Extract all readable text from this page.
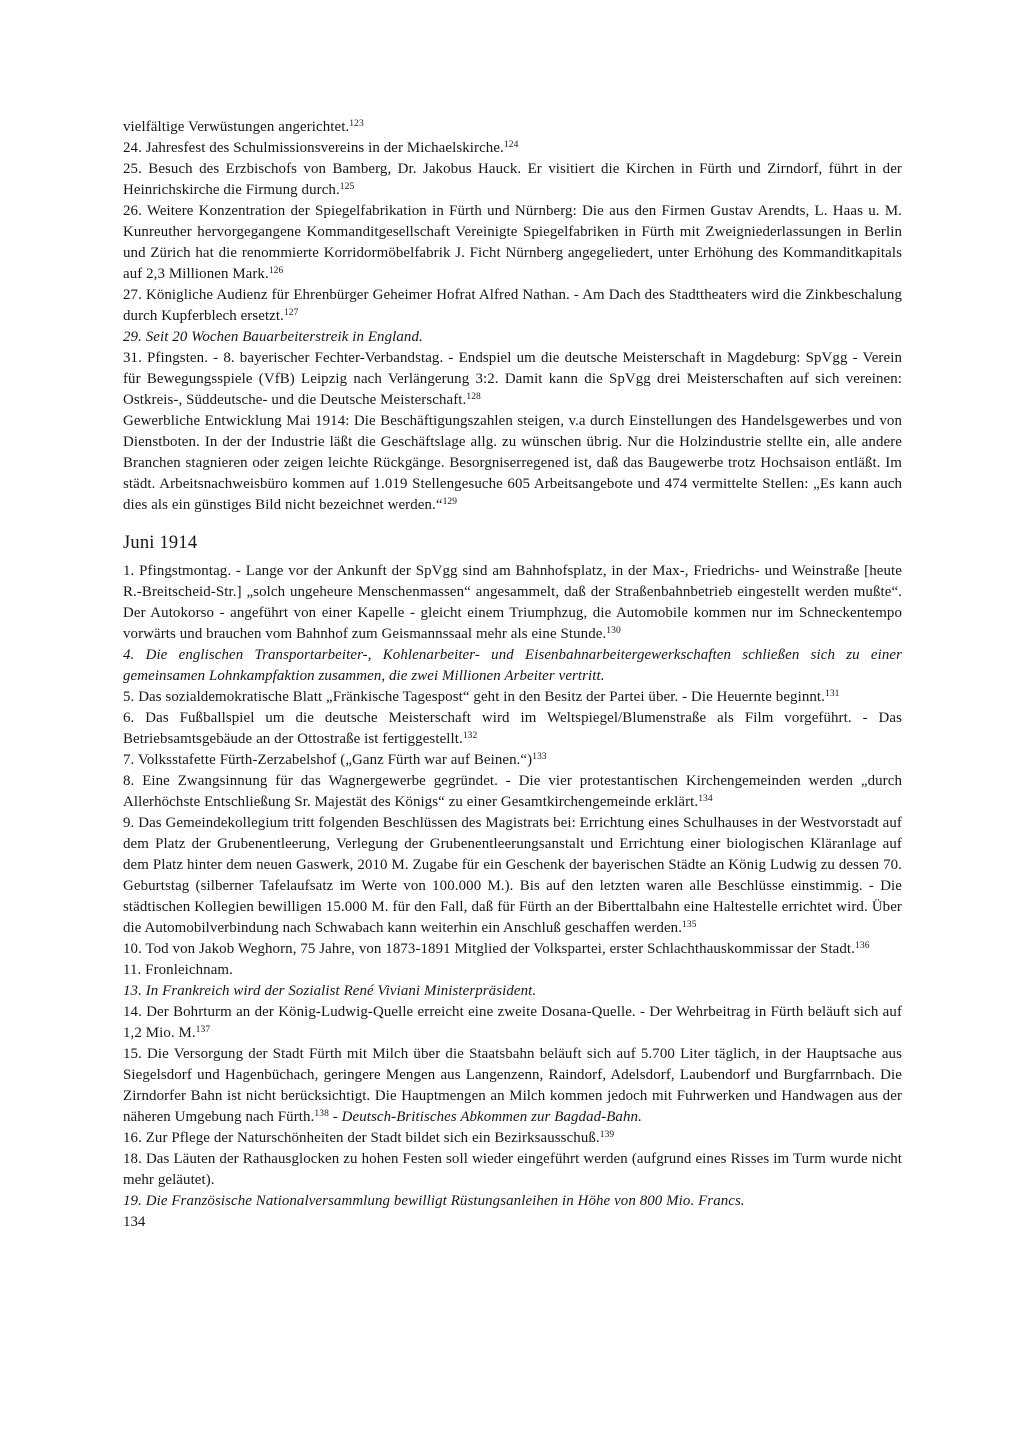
vielfältige Verwüstungen angerichtet.$^{123}$

24. Jahresfest des Schulmissionsvereins in der Michaelskirche.$^{124}$

25. Besuch des Erzbischofs von Bamberg, Dr. Jakobus Hauck. Er visitiert die Kirchen in Fürth und Zirndorf, führt in der Heinrichskirche die Firmung durch.$^{125}$

26. Weitere Konzentration der Spiegelfabrikation in Fürth und Nürnberg: Die aus den Firmen Gustav Arendts, L. Haas u. M. Kunreuther hervorgegangene Kommanditgesellschaft Vereinigte Spiegelfabriken in Fürth mit Zweigniederlassungen in Berlin und Zürich hat die renommierte Korridormöbelfabrik J. Ficht Nürnberg angegeliedert, unter Erhöhung des Kommanditkapitals auf 2,3 Millionen Mark.$^{126}$

27. Königliche Audienz für Ehrenbürger Geheimer Hofrat Alfred Nathan. - Am Dach des Stadttheaters wird die Zinkbeschalung durch Kupferblech ersetzt.$^{127}$

29. Seit 20 Wochen Bauarbeiterstreik in England.

31. Pfingsten. - 8. bayerischer Fechter-Verbandstag. - Endspiel um die deutsche Meisterschaft in Magdeburg: SpVgg - Verein für Bewegungsspiele (VfB) Leipzig nach Verlängerung 3:2. Damit kann die SpVgg drei Meisterschaften auf sich vereinen: Ostkreis-, Süddeutsche- und die Deutsche Meisterschaft.$^{128}$

Gewerbliche Entwicklung Mai 1914: Die Beschäftigungszahlen steigen, v.a durch Einstellungen des Handelsgewerbes und von Dienstboten. In der der Industrie läßt die Geschäftslage allg. zu wünschen übrig. Nur die Holzindustrie stellte ein, alle andere Branchen stagnieren oder zeigen leichte Rückgänge. Besorgniserregened ist, daß das Baugewerbe trotz Hochsaison entläßt. Im städt. Arbeitsnachweisbüro kommen auf 1.019 Stellengesuche 605 Arbeitsangebote und 474 vermittelte Stellen: „Es kann auch dies als ein günstiges Bild nicht bezeichnet werden.“$^{129}$

Juni 1914

1. Pfingstmontag. - Lange vor der Ankunft der SpVgg sind am Bahnhofsplatz, in der Max-, Friedrichs- und Weinstraße [heute R.-Breitscheid-Str.] „solch ungeheure Menschenmassen“ angesammelt, daß der Straßenbahnbetrieb eingestellt werden mußte“. Der Autokorso - angeführt von einer Kapelle - gleicht einem Triumphzug, die Automobile kommen nur im Schneckentempo vorwärts und brauchen vom Bahnhof zum Geismannssaal mehr als eine Stunde.$^{130}$

4. Die englischen Transportarbeiter-, Kohlenarbeiter- und Eisenbahnarbeitergewerkschaften schließen sich zu einer gemeinsamen Lohnkampfaktion zusammen, die zwei Millionen Arbeiter vertritt.

5. Das sozialdemokratische Blatt „Fränkische Tagespost“ geht in den Besitz der Partei über. - Die Heuernte beginnt.$^{131}$

6. Das Fußballspiel um die deutsche Meisterschaft wird im Weltspiegel/Blumenstraße als Film vorgeführt. - Das Betriebsamtsgebäude an der Ottostraße ist fertiggestellt.$^{132}$

7. Volksstafette Fürth-Zerzabelshof („Ganz Fürth war auf Beinen.“)$^{133}$

8. Eine Zwangsinnung für das Wagnergewerbe gegründet. - Die vier protestantischen Kirchengemeinden werden „durch Allerhöchste Entschließung Sr. Majestät des Königs“ zu einer Gesamtkirchengemeinde erklärt.$^{134}$

9. Das Gemeindekollegium tritt folgenden Beschlüssen des Magistrats bei: Errichtung eines Schulhauses in der Westvorstadt auf dem Platz der Grubenentleerung, Verlegung der Grubenentleerungsanstalt und Errichtung einer biologischen Kläranlage auf dem Platz hinter dem neuen Gaswerk, 2010 M. Zugabe für ein Geschenk der bayerischen Städte an König Ludwig zu dessen 70. Geburtstag (silberner Tafelaufsatz im Werte von 100.000 M.). Bis auf den letzten waren alle Beschlüsse einstimmig. - Die städtischen Kollegien bewilligen 15.000 M. für den Fall, daß für Fürth an der Biberttalbahn eine Haltestelle errichtet wird. Über die Automobilverbindung nach Schwabach kann weiterhin ein Anschluß geschaffen werden.$^{135}$

10. Tod von Jakob Weghorn, 75 Jahre, von 1873-1891 Mitglied der Volkspartei, erster Schlachthauskommissar der Stadt.$^{136}$

11. Fronleichnam.

13. In Frankreich wird der Sozialist René Viviani Ministerpräsident.

14. Der Bohrturm an der König-Ludwig-Quelle erreicht eine zweite Dosana-Quelle. - Der Wehrbeitrag in Fürth beläuft sich auf 1,2 Mio. M.$^{137}$

15. Die Versorgung der Stadt Fürth mit Milch über die Staatsbahn beläuft sich auf 5.700 Liter täglich, in der Hauptsache aus Siegelsdorf und Hagenbüchach, geringere Mengen aus Langenzenn, Raindorf, Adelsdorf, Laubendorf und Burgfarrnbach. Die Zirndorfer Bahn ist nicht berücksichtigt. Die Hauptmengen an Milch kommen jedoch mit Fuhrwerken und Handwagen aus der näheren Umgebung nach Fürth.$^{138}$ - Deutsch-Britisches Abkommen zur Bagdad-Bahn.

16. Zur Pflege der Naturschönheiten der Stadt bildet sich ein Bezirksausschuß.$^{139}$

18. Das Läuten der Rathausglocken zu hohen Festen soll wieder eingeführt werden (aufgrund eines Risses im Turm wurde nicht mehr geläutet).

19. Die Französische Nationalversammlung bewilligt Rüstungsanleihen in Höhe von 800 Mio. Francs.

134
